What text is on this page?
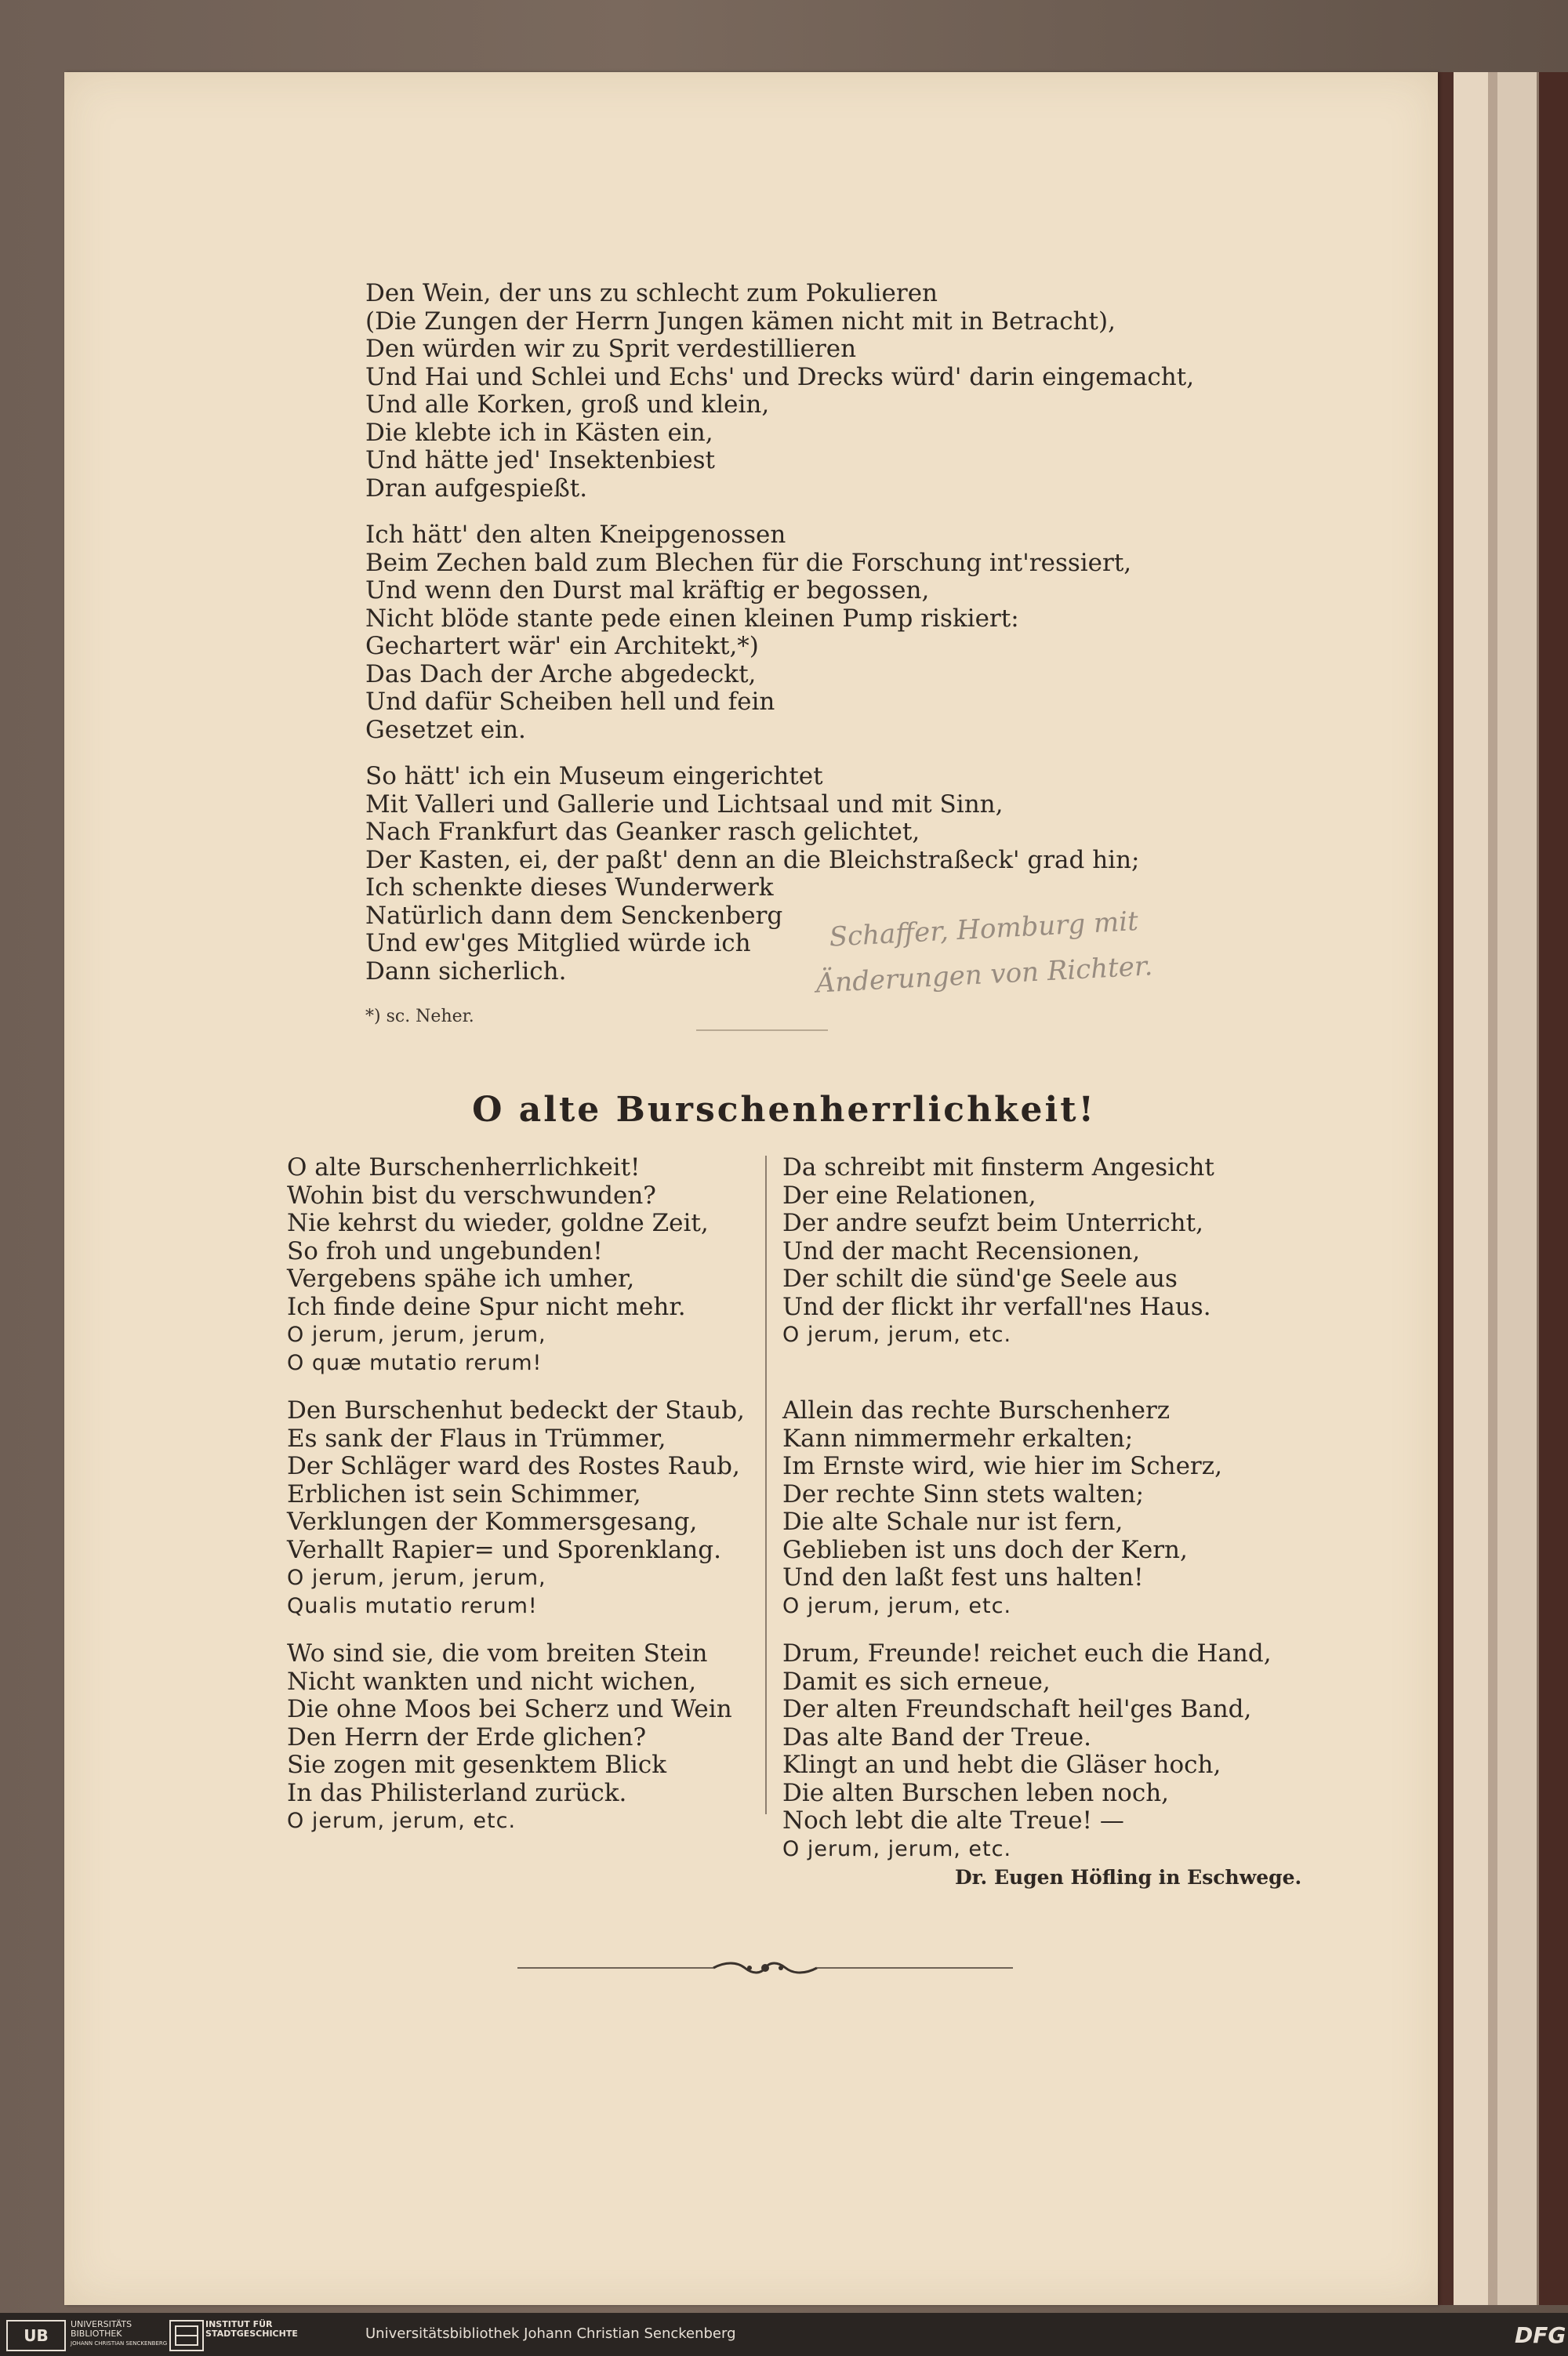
Den Wein, der uns zu schlecht zum Pokulieren
(Die Zungen der Herrn Jungen kämen nicht mit in Betracht),
Den würden wir zu Sprit verdestillieren
Und Hai und Schlei und Echs' und Drecks würd' darin eingemacht,
Und alle Korken, groß und klein,
Die klebte ich in Kästen ein,
Und hätte jed' Insektenbiest
Dran aufgespießt.
Ich hätt' den alten Kneipgenossen
Beim Zechen bald zum Blechen für die Forschung int'ressiert,
Und wenn den Durst mal kräftig er begossen,
Nicht blöde stante pede einen kleinen Pump riskiert:
Gechartert wär' ein Architekt,*)
Das Dach der Arche abgedeckt,
Und dafür Scheiben hell und fein
Gesetzet ein.
So hätt' ich ein Museum eingerichtet
Mit Valleri und Gallerie und Lichtsaal und mit Sinn,
Nach Frankfurt das Geanker rasch gelichtet,
Der Kasten, ei, der paßt' denn an die Bleichstraßeck' grad hin;
Ich schenkte dieses Wunderwerk
Natürlich dann dem Senckenberg
Und ew'ges Mitglied würde ich
Dann sicherlich.
Schaffer, Homburg mit
Änderungen von Richter.
*) sc. Neher.
O alte Burschenherrlichkeit!
O alte Burschenherrlichkeit!
Wohin bist du verschwunden?
Nie kehrst du wieder, goldne Zeit,
So froh und ungebunden!
Vergebens spähe ich umher,
Ich finde deine Spur nicht mehr.
O jerum, jerum, jerum,
O quæ mutatio rerum!
Den Burschenhut bedeckt der Staub,
Es sank der Flaus in Trümmer,
Der Schläger ward des Rostes Raub,
Erblichen ist sein Schimmer,
Verklungen der Kommersgesang,
Verhallt Rapier= und Sporenklang.
O jerum, jerum, jerum,
Qualis mutatio rerum!
Wo sind sie, die vom breiten Stein
Nicht wankten und nicht wichen,
Die ohne Moos bei Scherz und Wein
Den Herrn der Erde glichen?
Sie zogen mit gesenktem Blick
In das Philisterland zurück.
O jerum, jerum, etc.
Da schreibt mit finsterm Angesicht
Der eine Relationen,
Der andre seufzt beim Unterricht,
Und der macht Recensionen,
Der schilt die sünd'ge Seele aus
Und der flickt ihr verfall'nes Haus.
O jerum, jerum, etc.
Allein das rechte Burschenherz
Kann nimmermehr erkalten;
Im Ernste wird, wie hier im Scherz,
Der rechte Sinn stets walten;
Die alte Schale nur ist fern,
Geblieben ist uns doch der Kern,
Und den laßt fest uns halten!
O jerum, jerum, etc.
Drum, Freunde! reichet euch die Hand,
Damit es sich erneue,
Der alten Freundschaft heil'ges Band,
Das alte Band der Treue.
Klingt an und hebt die Gläser hoch,
Die alten Burschen leben noch,
Noch lebt die alte Treue! —
O jerum, jerum, etc.
Dr. Eugen Höfling in Eschwege.
UB
UNIVERSITÄTS
BIBLIOTHEK
JOHANN CHRISTIAN SENCKENBERG
INSTITUT FÜR
STADTGESCHICHTE	Universitätsbibliothek Johann Christian Senckenberg	DFG
